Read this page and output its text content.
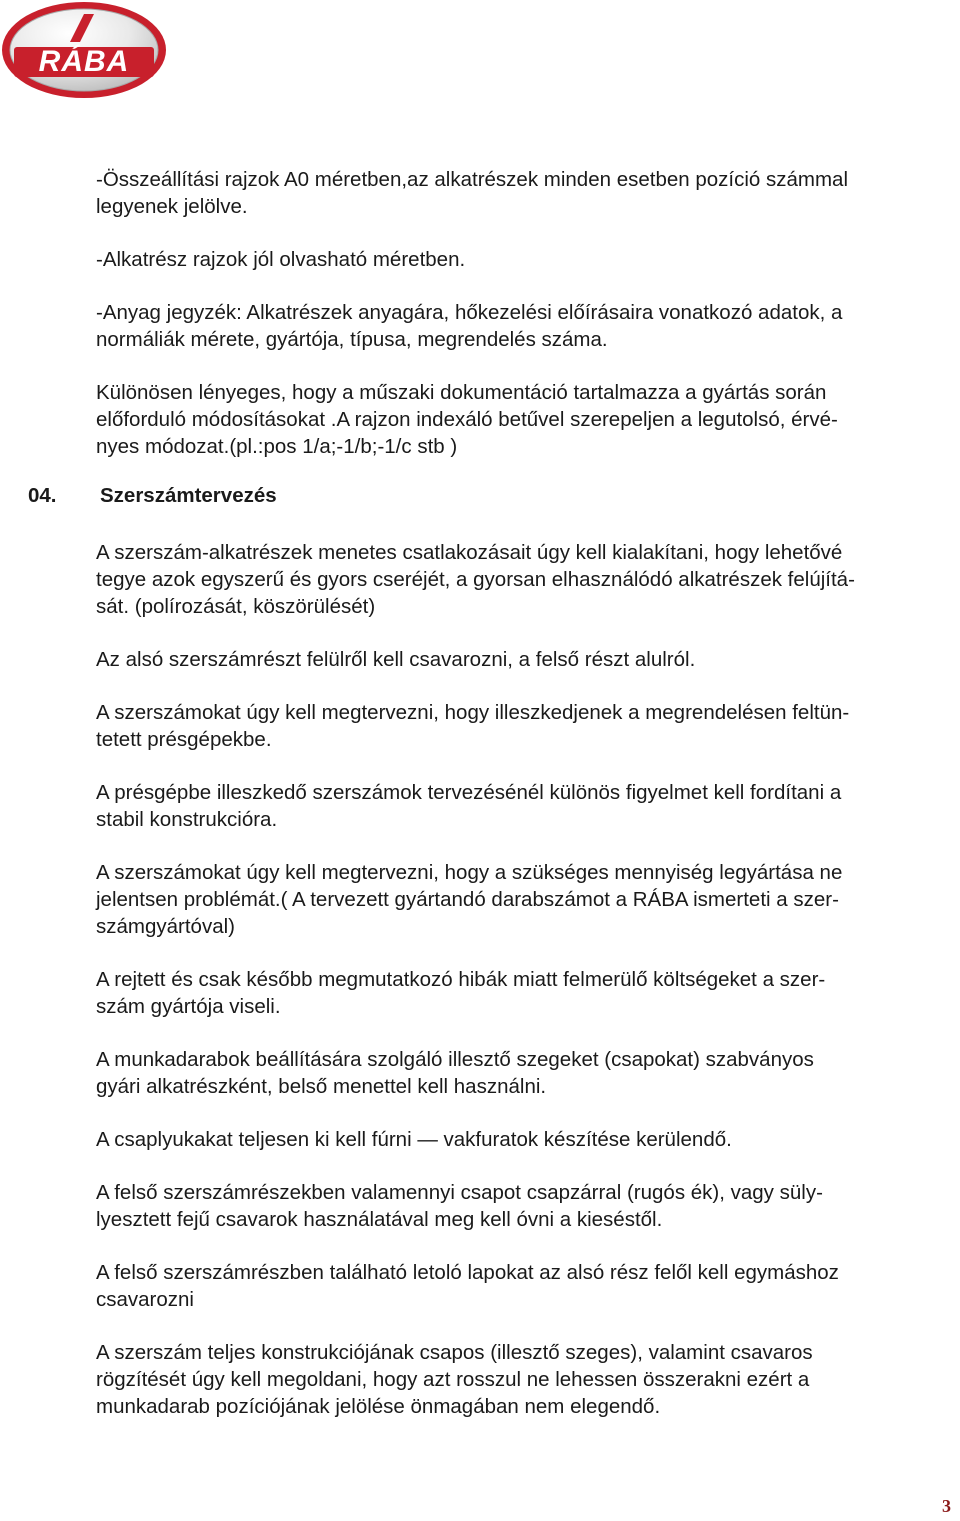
RÁBA

-Összeállítási rajzok A0 méretben,az alkatrészek minden esetben pozíció számmal
legyenek jelölve.

-Alkatrész rajzok jól olvasható méretben.

-Anyag jegyzék: Alkatrészek anyagára, hőkezelési előírásaira vonatkozó adatok, a
normáliák mérete, gyártója, típusa, megrendelés száma.

Különösen lényeges, hogy a műszaki dokumentáció tartalmazza a gyártás során
előforduló módosításokat .A rajzon indexáló betűvel szerepeljen a legutolsó, érvé-
nyes módozat.(pl.:pos 1/a;-1/b;-1/c stb )

04. Szerszámtervezés

A szerszám-alkatrészek menetes csatlakozásait úgy kell kialakítani, hogy lehetővé
tegye azok egyszerű és gyors cseréjét, a gyorsan elhasználódó alkatrészek felújítá-
sát. (polírozását, köszörülését)

Az alsó szerszámrészt felülről kell csavarozni, a felső részt alulról.

A szerszámokat úgy kell megtervezni, hogy illeszkedjenek a megrendelésen feltün-
tetett présgépekbe.

A présgépbe illeszkedő szerszámok tervezésénél különös figyelmet kell fordítani a
stabil konstrukcióra.

A szerszámokat úgy kell megtervezni, hogy a szükséges mennyiség legyártása ne
jelentsen problémát.( A tervezett gyártandó darabszámot a RÁBA ismerteti a szer-
számgyártóval)

A rejtett és csak később megmutatkozó hibák miatt felmerülő költségeket a szer-
szám gyártója viseli.

A munkadarabok beállítására szolgáló illesztő szegeket (csapokat) szabványos
gyári alkatrészként, belső menettel kell használni.

A csaplyukakat teljesen ki kell fúrni — vakfuratok készítése kerülendő.

A felső szerszámrészekben valamennyi csapot csapzárral (rugós ék), vagy süly-
lyesztett fejű csavarok használatával meg kell óvni a kieséstől.

A felső szerszámrészben található letoló lapokat az alsó rész felől kell egymáshoz
csavarozni

A szerszám teljes konstrukciójának csapos (illesztő szeges), valamint csavaros
rögzítését úgy kell megoldani, hogy azt rosszul ne lehessen összerakni ezért a
munkadarab pozíciójának jelölése önmagában nem elegendő.

3
